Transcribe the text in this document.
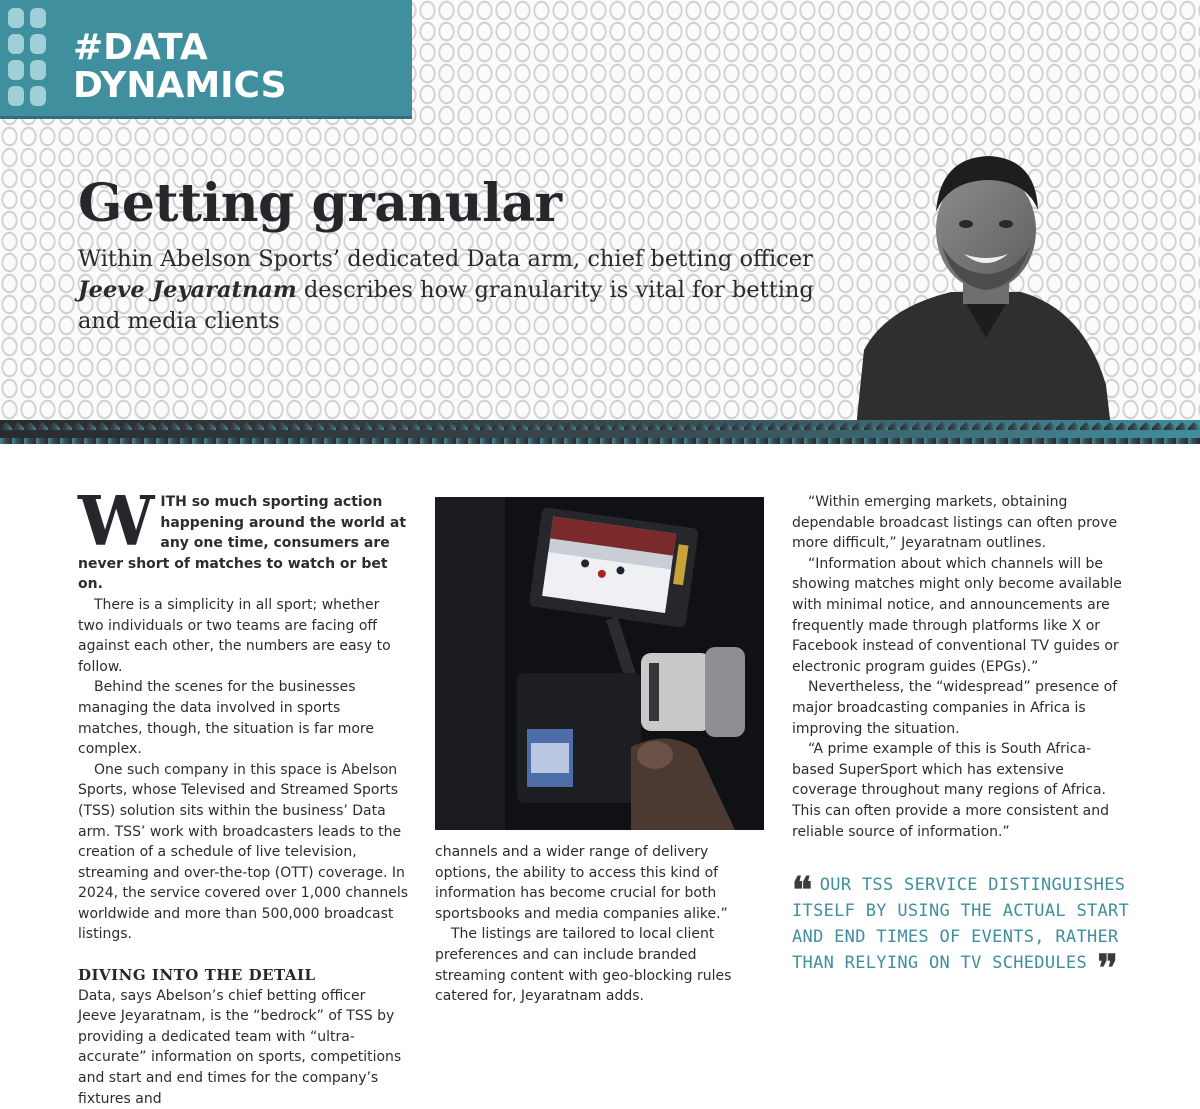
#DATA
DYNAMICS
Getting granular

Within Abelson Sports’ dedicated Data arm, chief betting officer Jeeve Jeyaratnam describes how granularity is vital for betting and media clients

WITH so much sporting action happening around the world at any one time, consumers are never short of matches to watch or bet on.

There is a simplicity in all sport; whether two individuals or two teams are facing off against each other, the numbers are easy to follow.

Behind the scenes for the businesses managing the data involved in sports matches, though, the situation is far more complex.

One such company in this space is Abelson Sports, whose Televised and Streamed Sports (TSS) solution sits within the business’ Data arm. TSS’ work with broadcasters leads to the creation of a schedule of live television, streaming and over-the-top (OTT) coverage. In 2024, the service covered over 1,000 channels worldwide and more than 500,000 broadcast listings.

DIVING INTO THE DETAIL

Data, says Abelson’s chief betting officer Jeeve Jeyaratnam, is the “bedrock” of TSS by providing a dedicated team with “ultra-accurate” information on sports, competitions and start and end times for the company’s fixtures and

channels and a wider range of delivery options, the ability to access this kind of information has become crucial for both sportsbooks and media companies alike.”

The listings are tailored to local client preferences and can include branded streaming content with geo-blocking rules catered for, Jeyaratnam adds.

“Within emerging markets, obtaining dependable broadcast listings can often prove more difficult,” Jeyaratnam outlines.

“Information about which channels will be showing matches might only become available with minimal notice, and announcements are frequently made through platforms like X or Facebook instead of conventional TV guides or electronic program guides (EPGs).”

Nevertheless, the “widespread” presence of major broadcasting companies in Africa is improving the situation.

“A prime example of this is South Africa-based SuperSport which has extensive coverage throughout many regions of Africa. This can often provide a more consistent and reliable source of information.”

❛❛ OUR TSS SERVICE DISTINGUISHES ITSELF BY USING THE ACTUAL START AND END TIMES OF EVENTS, RATHER THAN RELYING ON TV SCHEDULES ❜❜
